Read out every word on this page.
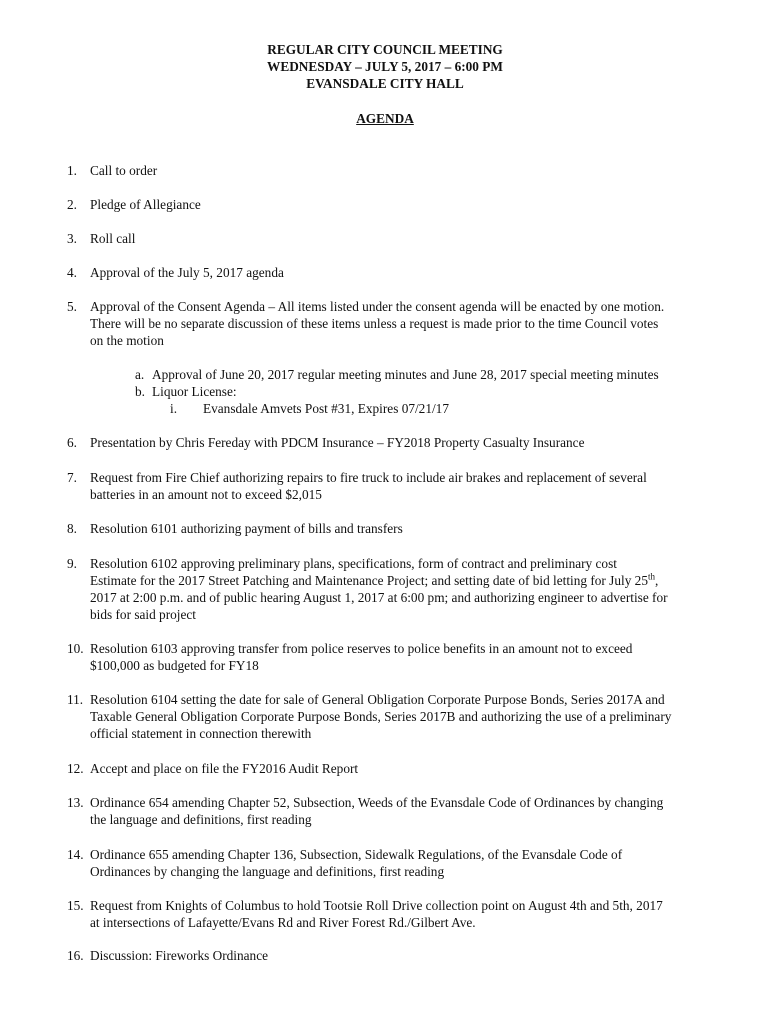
REGULAR CITY COUNCIL MEETING
WEDNESDAY – JULY 5, 2017 – 6:00 PM
EVANSDALE CITY HALL
AGENDA
1. Call to order
2. Pledge of Allegiance
3. Roll call
4. Approval of the July 5, 2017 agenda
5. Approval of the Consent Agenda – All items listed under the consent agenda will be enacted by one motion.
There will be no separate discussion of these items unless a request is made prior to the time Council votes
on the motion
a. Approval of June 20, 2017 regular meeting minutes and June 28, 2017 special meeting minutes
b. Liquor License:
i.	Evansdale Amvets Post #31, Expires 07/21/17
6. Presentation by Chris Fereday with PDCM Insurance – FY2018 Property Casualty Insurance
7. Request from Fire Chief authorizing repairs to fire truck to include air brakes and replacement of several
batteries in an amount not to exceed $2,015
8. Resolution 6101 authorizing payment of bills and transfers
9. Resolution 6102 approving preliminary plans, specifications, form of contract and preliminary cost
Estimate for the 2017 Street Patching and Maintenance Project; and setting date of bid letting for July 25th,
2017 at 2:00 p.m. and of public hearing August 1, 2017 at 6:00 pm; and authorizing engineer to advertise for
bids for said project
10. Resolution 6103 approving transfer from police reserves to police benefits in an amount not to exceed
$100,000 as budgeted for FY18
11. Resolution 6104 setting the date for sale of General Obligation Corporate Purpose Bonds, Series 2017A and
Taxable General Obligation Corporate Purpose Bonds, Series 2017B and authorizing the use of a preliminary
official statement in connection therewith
12. Accept and place on file the FY2016 Audit Report
13. Ordinance 654 amending Chapter 52, Subsection, Weeds of the Evansdale Code of Ordinances by changing
the language and definitions, first reading
14. Ordinance 655 amending Chapter 136, Subsection, Sidewalk Regulations, of the Evansdale Code of
Ordinances by changing the language and definitions, first reading
15. Request from Knights of Columbus to hold Tootsie Roll Drive collection point on August 4th and 5th, 2017
at intersections of Lafayette/Evans Rd and River Forest Rd./Gilbert Ave.
16. Discussion: Fireworks Ordinance
